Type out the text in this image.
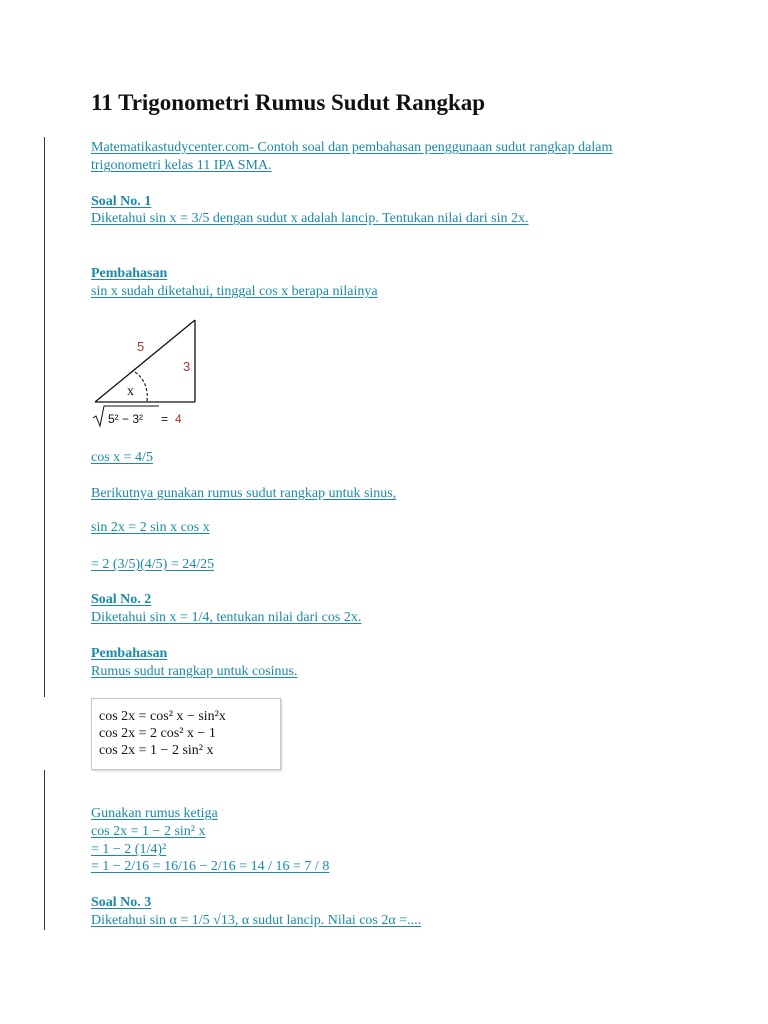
11 Trigonometri Rumus Sudut Rangkap
Matematikastudycenter.com- Contoh soal dan pembahasan penggunaan sudut rangkap dalam
trigonometri kelas 11 IPA SMA.
Soal No. 1
Diketahui sin x = 3/5 dengan sudut x adalah lancip. Tentukan nilai dari sin 2x.
Pembahasan
sin x sudah diketahui, tinggal cos x berapa nilainya
5
3
x
5² − 3² = 4
cos x = 4/5
Berikutnya gunakan rumus sudut rangkap untuk sinus,
sin 2x = 2 sin x cos x
= 2 (3/5)(4/5) = 24/25
Soal No. 2
Diketahui sin x = 1/4, tentukan nilai dari cos 2x.
Pembahasan
Rumus sudut rangkap untuk cosinus.
cos 2x = cos² x − sin²x
cos 2x = 2 cos² x − 1
cos 2x = 1 − 2 sin² x
Gunakan rumus ketiga
cos 2x = 1 − 2 sin² x
= 1 − 2 (1/4)²
= 1 − 2/16 = 16/16 − 2/16 = 14 / 16 = 7 / 8
Soal No. 3
Diketahui sin α = 1/5 √13, α sudut lancip. Nilai cos 2α =....
